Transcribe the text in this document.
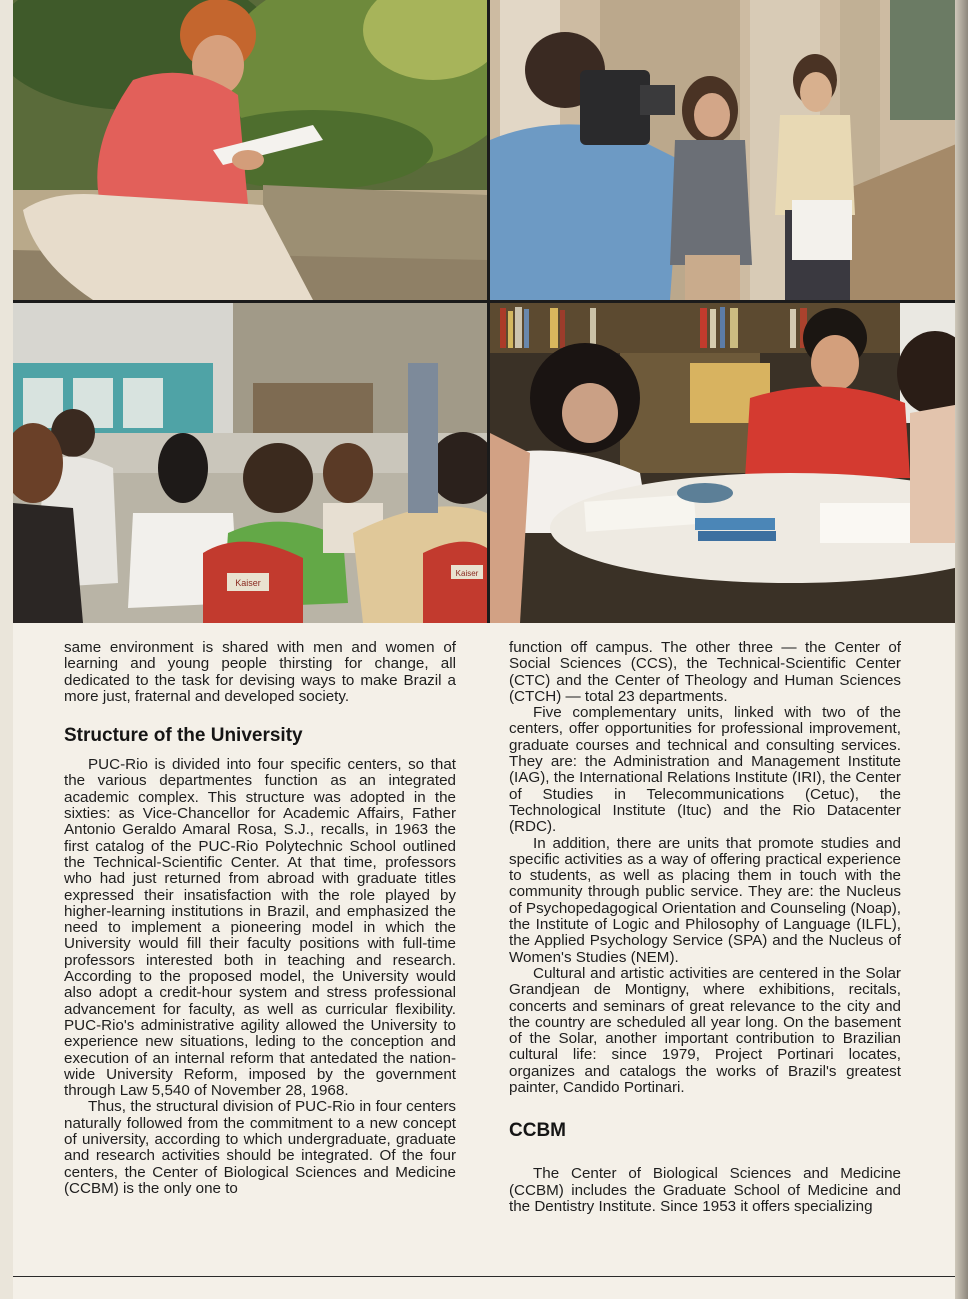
Kaiser
Kaiser

same environment is shared with men and women of learning and young people thirsting for change, all dedicated to the task for devising ways to make Brazil a more just, fraternal and developed society.

Structure of the University

PUC-Rio is divided into four specific centers, so that the various departmentes function as an integrated academic complex. This structure was adopted in the sixties: as Vice-Chancellor for Academic Affairs, Father Antonio Geraldo Amaral Rosa, S.J., recalls, in 1963 the first catalog of the PUC-Rio Polytechnic School outlined the Technical-Scientific Center. At that time, professors who had just returned from abroad with graduate titles expressed their insatisfaction with the role played by higher-learning institutions in Brazil, and emphasized the need to implement a pioneering model in which the University would fill their faculty positions with full-time professors interested both in teaching and research. According to the proposed model, the University would also adopt a credit-hour system and stress professional advancement for faculty, as well as curricular flexibility. PUC-Rio's administrative agility allowed the University to experience new situations, leding to the conception and execution of an internal reform that antedated the nation-wide University Reform, imposed by the government through Law 5,540 of November 28, 1968.

Thus, the structural division of PUC-Rio in four centers naturally followed from the commitment to a new concept of university, according to which undergraduate, graduate and research activities should be integrated. Of the four centers, the Center of Biological Sciences and Medicine (CCBM) is the only one to

function off campus. The other three — the Center of Social Sciences (CCS), the Technical-Scientific Center (CTC) and the Center of Theology and Human Sciences (CTCH) — total 23 departments.

Five complementary units, linked with two of the centers, offer opportunities for professional improvement, graduate courses and technical and consulting services. They are: the Administration and Management Institute (IAG), the International Relations Institute (IRI), the Center of Studies in Telecommunications (Cetuc), the Technological Institute (Ituc) and the Rio Datacenter (RDC).

In addition, there are units that promote studies and specific activities as a way of offering practical experience to students, as well as placing them in touch with the community through public service. They are: the Nucleus of Psychopedagogical Orientation and Counseling (Noap), the Institute of Logic and Philosophy of Language (ILFL), the Applied Psychology Service (SPA) and the Nucleus of Women's Studies (NEM).

Cultural and artistic activities are centered in the Solar Grandjean de Montigny, where exhibitions, recitals, concerts and seminars of great relevance to the city and the country are scheduled all year long. On the basement of the Solar, another important contribution to Brazilian cultural life: since 1979, Project Portinari locates, organizes and catalogs the works of Brazil's greatest painter, Candido Portinari.

CCBM

The Center of Biological Sciences and Medicine (CCBM) includes the Graduate School of Medicine and the Dentistry Institute. Since 1953 it offers specializing
